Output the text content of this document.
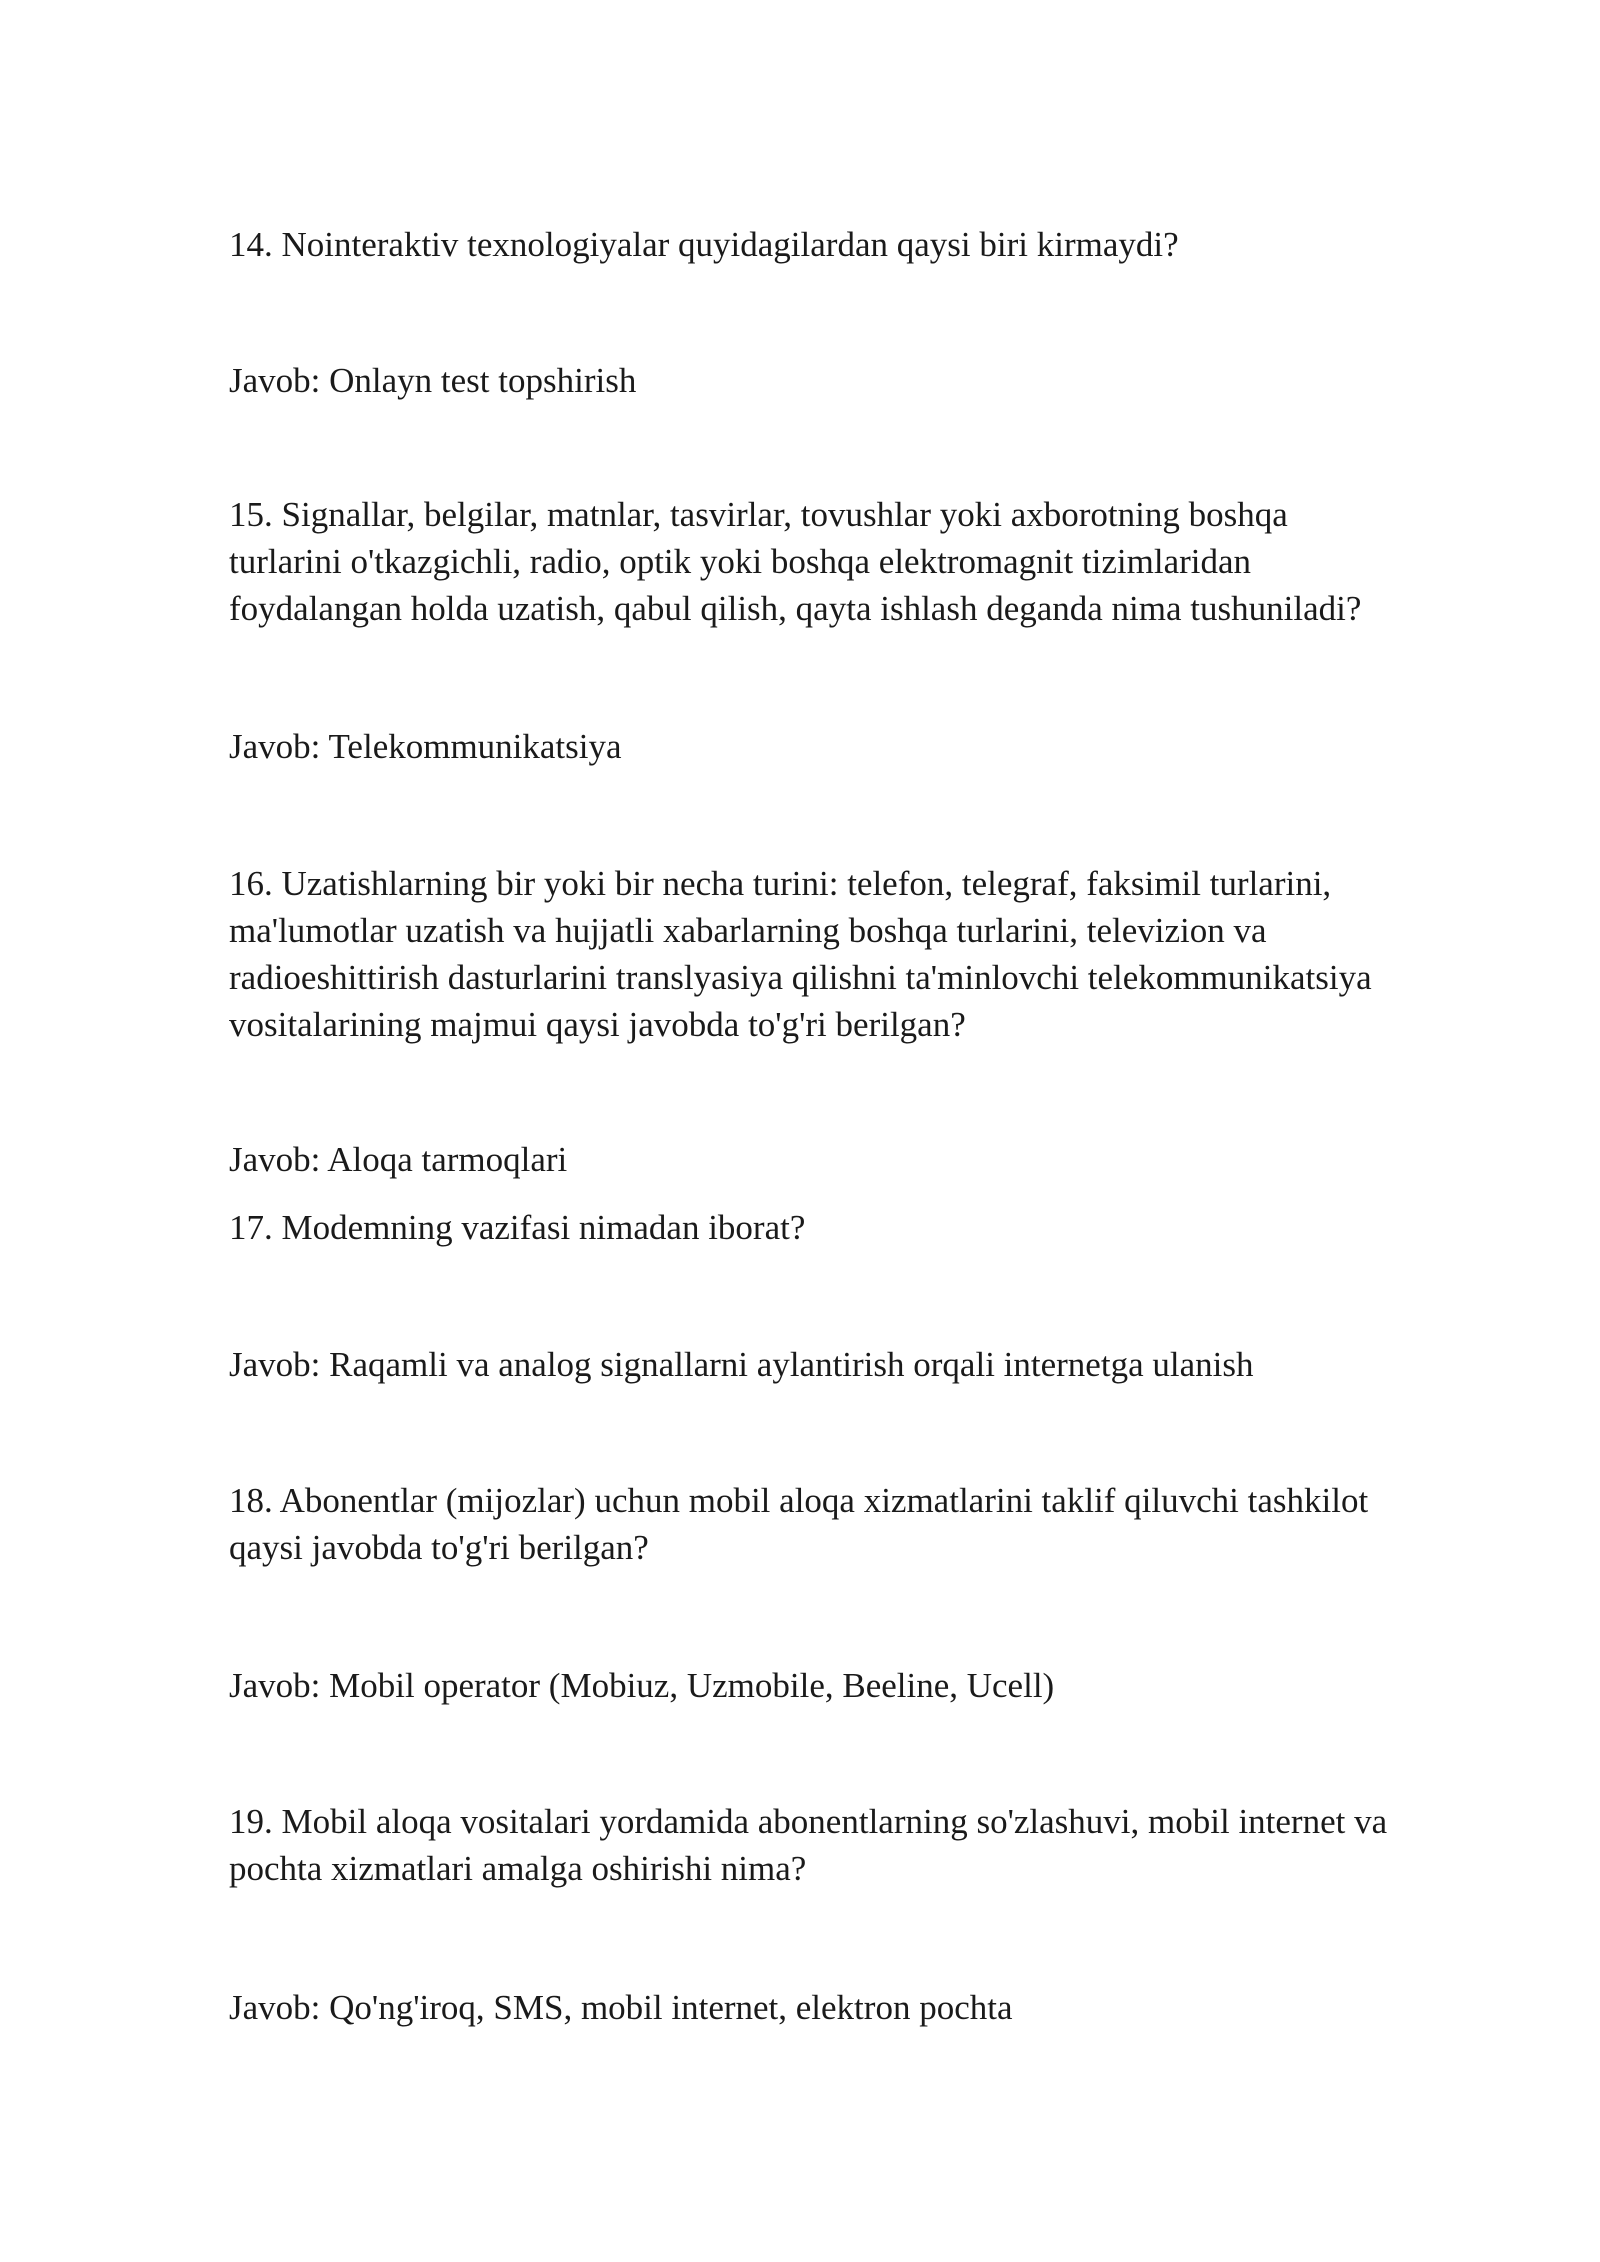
14. Nointeraktiv texnologiyalar quyidagilardan qaysi biri kirmaydi?

Javob: Onlayn test topshirish

15. Signallar, belgilar, matnlar, tasvirlar, tovushlar yoki axborotning boshqa
turlarini o'tkazgichli, radio, optik yoki boshqa elektromagnit tizimlaridan
foydalangan holda uzatish, qabul qilish, qayta ishlash deganda nima tushuniladi?

Javob: Telekommunikatsiya

16. Uzatishlarning bir yoki bir necha turini: telefon, telegraf, faksimil turlarini,
ma'lumotlar uzatish va hujjatli xabarlarning boshqa turlarini, televizion va
radioeshittirish dasturlarini translyasiya qilishni ta'minlovchi telekommunikatsiya
vositalarining majmui qaysi javobda to'g'ri berilgan?

Javob: Aloqa tarmoqlari

17. Modemning vazifasi nimadan iborat?

Javob: Raqamli va analog signallarni aylantirish orqali internetga ulanish

18. Abonentlar (mijozlar) uchun mobil aloqa xizmatlarini taklif qiluvchi tashkilot
qaysi javobda to'g'ri berilgan?

Javob: Mobil operator (Mobiuz, Uzmobile, Beeline, Ucell)

19. Mobil aloqa vositalari yordamida abonentlarning so'zlashuvi, mobil internet va
pochta xizmatlari amalga oshirishi nima?

Javob: Qo'ng'iroq, SMS, mobil internet, elektron pochta
